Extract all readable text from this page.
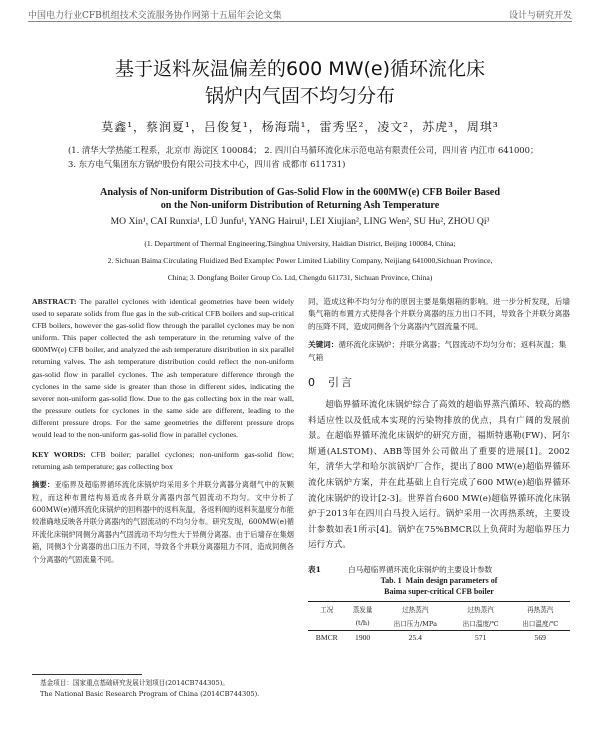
中国电力行业CFB机组技术交流服务协作网第十五届年会论文集	设计与研究开发
基于返料灰温偏差的600 MW(e)循环流化床
锅炉内气固不均匀分布
莫鑫¹，蔡润夏¹，吕俊复¹，杨海瑞¹，雷秀坚²，凌文²，苏虎³，周琪³
(1. 清华大学热能工程系，北京市 海淀区 100084； 2. 四川白马循环流化床示范电站有限责任公司，四川省 内江市 641000； 3. 东方电气集团东方锅炉股份有限公司技术中心，四川省 成都市 611731)
Analysis of Non-uniform Distribution of Gas-Solid Flow in the 600MW(e) CFB Boiler Based
on the Non-uniform Distribution of Returning Ash Temperature
MO Xin¹, CAI Runxia¹, LÜ Junfu¹, YANG Hairui¹, LEI Xiujian², LING Wen², SU Hu², ZHOU Qi³
(1. Department of Thermal Engineering,Tsinghua University, Haidian District, Beijing 100084, China;
2. Sichuan Baima Circulating Fluidized Bed Examplec Power Limited Liability Company, Neijiang 641000,Sichuan Province,
China; 3. Dongfang Boiler Group Co. Ltd, Chengdu 611731, Sichuan Province, China)

ABSTRACT: The parallel cyclones with identical geometries have been widely used to separate solids from flue gas in the sub-critical CFB boilers and sup-critical CFB boilers, however the gas-solid flow through the parallel cyclones may be non uniform. This paper collected the ash temperature in the returning valve of the 600MW(e) CFB boiler, and analyzed the ash temperature distribution in six parallel returning valves. The ash temperature distribution could reflect the non-uniform gas-solid flow in parallel cyclones. The ash temperature difference through the cyclones in the same side is greater than those in different sides, indicating the severer non-uniform gas-solid flow. Due to the gas collecting box in the rear wall, the pressure outlets for cyclones in the same side are different, leading to the different pressure drops. For the same geometries the different pressure drops would lead to the non-uniform gas-solid flow in parallel cyclones.

KEY WORDS: CFB boiler; parallel cyclones; non-uniform gas-solid flow; returning ash temperature; gas collecting box

摘要：亚临界及超临界循环流化床锅炉均采用多个并联分离器分离烟气中的灰颗粒，而这种布置结构易造成各并联分离器内部气固流动不均匀。文中分析了600MW(e)循环流化床锅炉的回料器中的返料灰温，各返料阀的返料灰温度分布能较准确地反映各并联分离器内的气固流动的不均匀分布。研究发现，600MW(e)循环流化床锅炉同侧分离器内气固流动不均匀性大于异侧分离器。由于后墙存在集烟箱，同侧3个分离器的出口压力不同，导致各个并联分离器阻力不同，造成同侧各个分离器的气固流量不同。

基金项目：国家重点基础研究发展计划项目(2014CB744305)。
The National Basic Research Program of China (2014CB744305).

同，造成这种不均匀分布的原因主要是集烟箱的影响。进一步分析发现，后墙集气箱的布置方式使得各个并联分离器的压力出口不同，导致各个并联分离器的压降不同，造成同侧各个分离器内气固流量不同。

关键词：循环流化床锅炉；并联分离器；气固流动不均匀分布；返料灰温；集气箱

0 引言

超临界循环流化床锅炉综合了高效的超临界蒸汽循环、较高的燃料适应性以及低成本实现的污染物排放的优点，具有广阔的发展前景。在超临界循环流化床锅炉的研究方面，福斯特惠勒(FW)、阿尔斯通(ALSTOM)、ABB等国外公司做出了重要的进展[1]。2002年，清华大学和哈尔滨锅炉厂合作，提出了800 MW(e)超临界循环流化床锅炉方案，并在此基础上自行完成了600 MW(e)超临界循环流化床锅炉的设计[2-3]。世界首台600 MW(e)超临界循环流化床锅炉于2013年在四川白马投入运行。锅炉采用一次再热系统，主要设计参数如表1所示[4]。锅炉在75%BMCR以上负荷时为超临界压力运行方式。

表1	白马超临界循环流化床锅炉的主要设计参数
Tab. 1 Main design parameters of
Baima super-critical CFB boiler
工况	蒸发量	过热蒸汽	过热蒸汽	再热蒸汽
	(t/h)	出口压力/MPa	出口温度/℃	出口温度/℃
BMCR	1900	25.4	571	569
